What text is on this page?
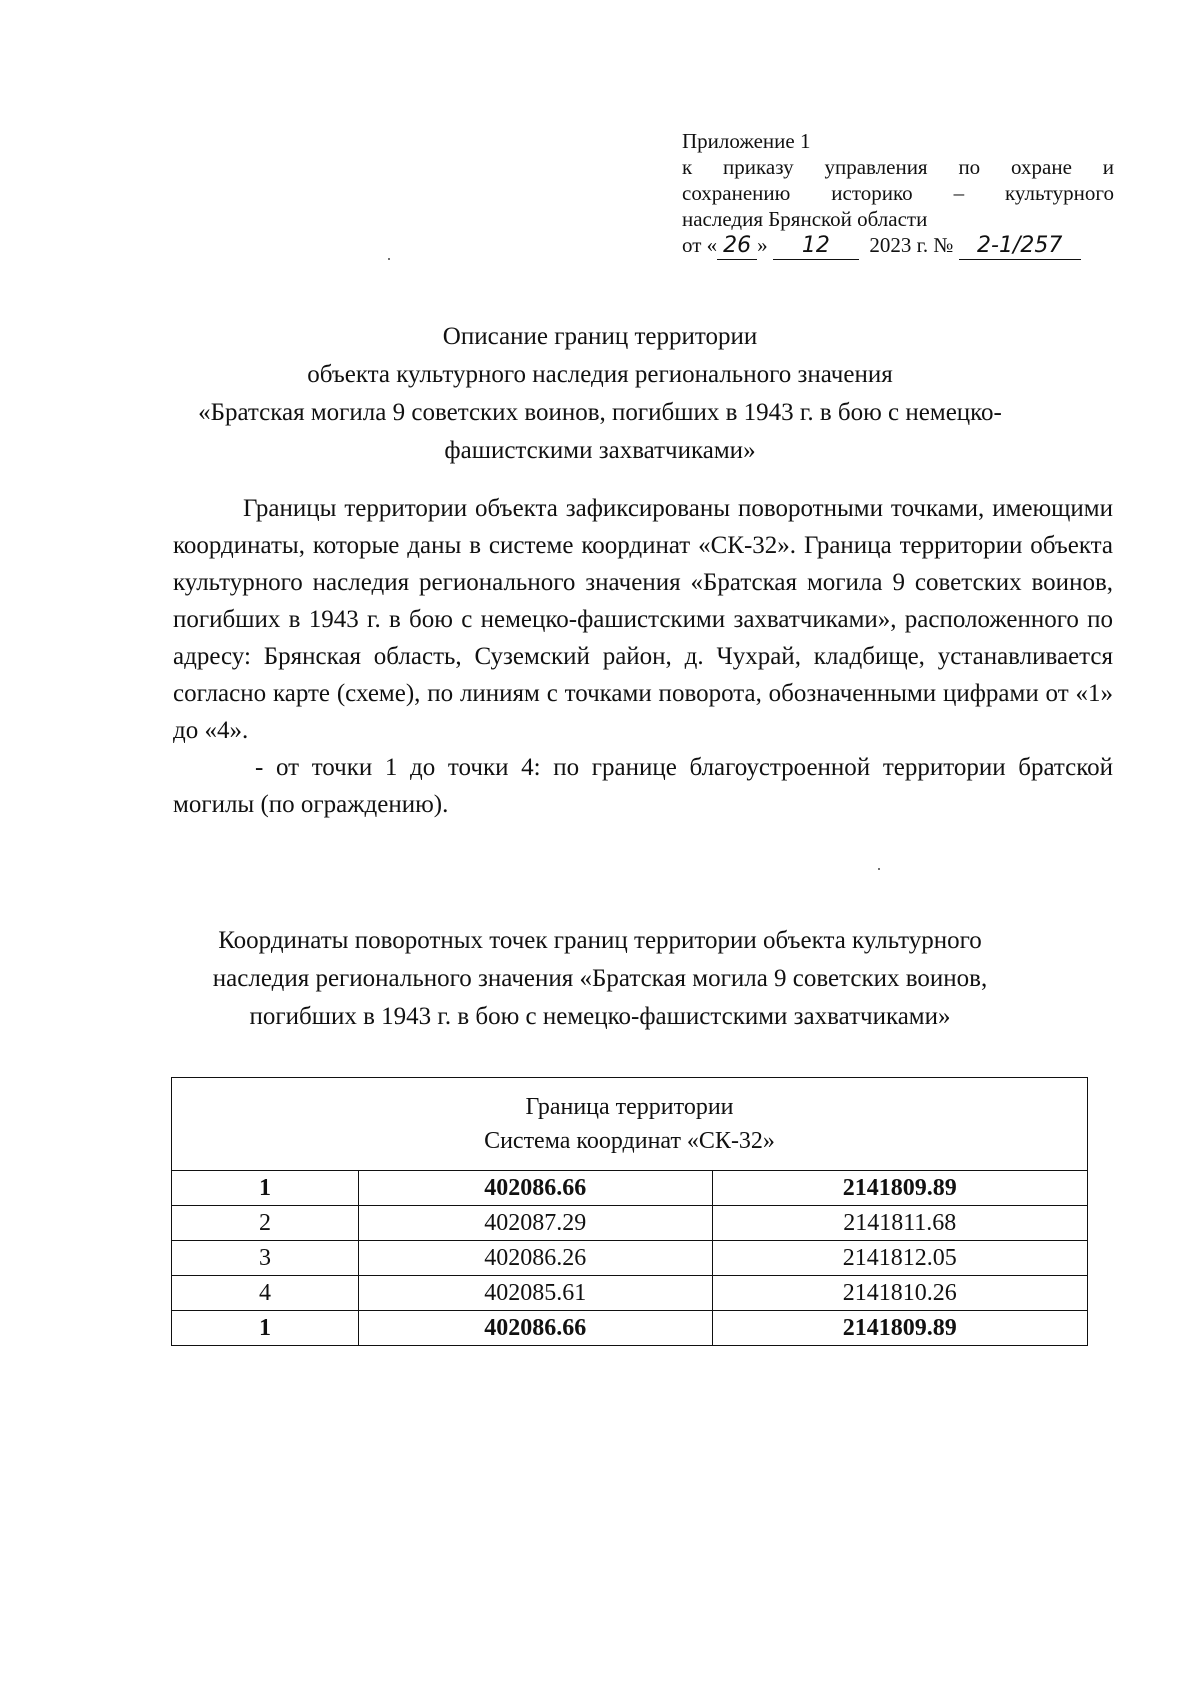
Приложение 1
к приказу управления по охране и
сохранению историко – культурного
наследия Брянской области
от « 26 » 12 2023 г. № 2-1/257
Описание границ территории
объекта культурного наследия регионального значения
«Братская могила 9 советских воинов, погибших в 1943 г. в бою с немецко-
фашистскими захватчиками»

Границы территории объекта зафиксированы поворотными точками, имеющими координаты, которые даны в системе координат «СК-32». Граница территории объекта культурного наследия регионального значения «Братская могила 9 советских воинов, погибших в 1943 г. в бою с немецко-фашистскими захватчиками», расположенного по адресу: Брянская область, Суземский район, д. Чухрай, кладбище, устанавливается согласно карте (схеме), по линиям с точками поворота, обозначенными цифрами от «1» до «4».

- от точки 1 до точки 4: по границе благоустроенной территории братской могилы (по ограждению).

Координаты поворотных точек границ территории объекта культурного
наследия регионального значения «Братская могила 9 советских воинов,
погибших в 1943 г. в бою с немецко-фашистскими захватчиками»
Граница территории
Система координат «СК-32»		

1	402086.66	2141809.89
2	402087.29	2141811.68
3	402086.26	2141812.05
4	402085.61	2141810.26
1	402086.66	2141809.89
